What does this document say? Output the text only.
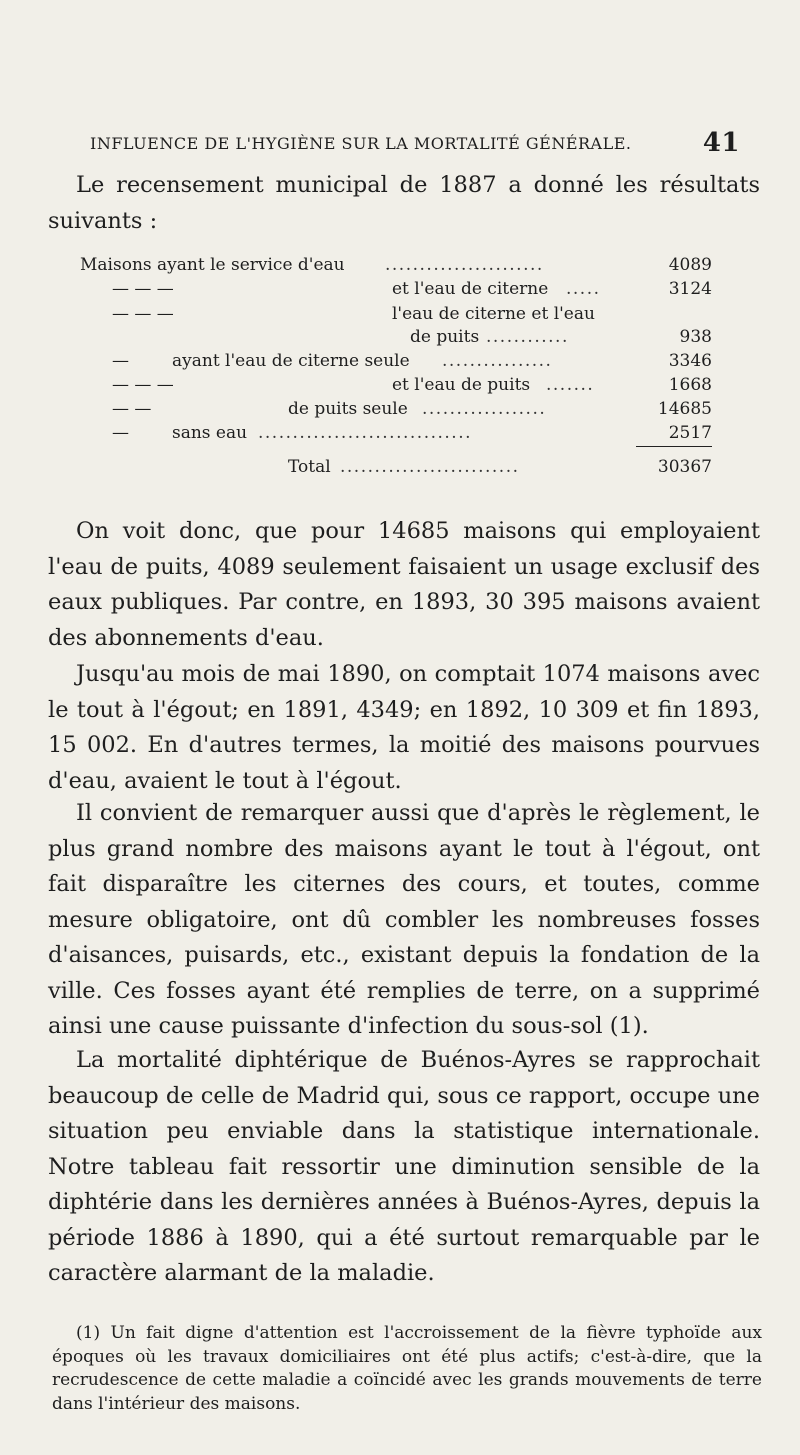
INFLUENCE DE L'HYGIÈNE SUR LA MORTALITÉ GÉNÉRALE.	41
Le recensement municipal de 1887 a donné les résultats suivants :
Maisons ayant le service d'eau .......................	4089
— — —	et l'eau de citerne .....	3124
— — —	l'eau de citerne et l'eau
de puits ............	938
—	ayant l'eau de citerne seule ................	3346
— — —	et l'eau de puits .......	1668
— —	de puits seule ..................	14685
—	sans eau ...............................	2517
Total ..........................	30367
On voit donc, que pour 14685 maisons qui employaient l'eau de puits, 4089 seulement faisaient un usage exclusif des eaux publiques. Par contre, en 1893, 30 395 maisons avaient des abonnements d'eau.
Jusqu'au mois de mai 1890, on comptait 1074 maisons avec le tout à l'égout; en 1891, 4349; en 1892, 10 309 et fin 1893, 15 002. En d'autres termes, la moitié des maisons pourvues d'eau, avaient le tout à l'égout.
Il convient de remarquer aussi que d'après le règlement, le plus grand nombre des maisons ayant le tout à l'égout, ont fait disparaître les citernes des cours, et toutes, comme mesure obligatoire, ont dû combler les nombreuses fosses d'aisances, puisards, etc., existant depuis la fondation de la ville. Ces fosses ayant été remplies de terre, on a supprimé ainsi une cause puissante d'infection du sous-sol (1).
La mortalité diphtérique de Buénos-Ayres se rapprochait beaucoup de celle de Madrid qui, sous ce rapport, occupe une situation peu enviable dans la statistique internationale. Notre tableau fait ressortir une diminution sensible de la diphtérie dans les dernières années à Buénos-Ayres, depuis la période 1886 à 1890, qui a été surtout remarquable par le caractère alarmant de la maladie.
(1) Un fait digne d'attention est l'accroissement de la fièvre typhoïde aux époques où les travaux domiciliaires ont été plus actifs; c'est-à-dire, que la recrudescence de cette maladie a coïncidé avec les grands mouvements de terre dans l'intérieur des maisons.
